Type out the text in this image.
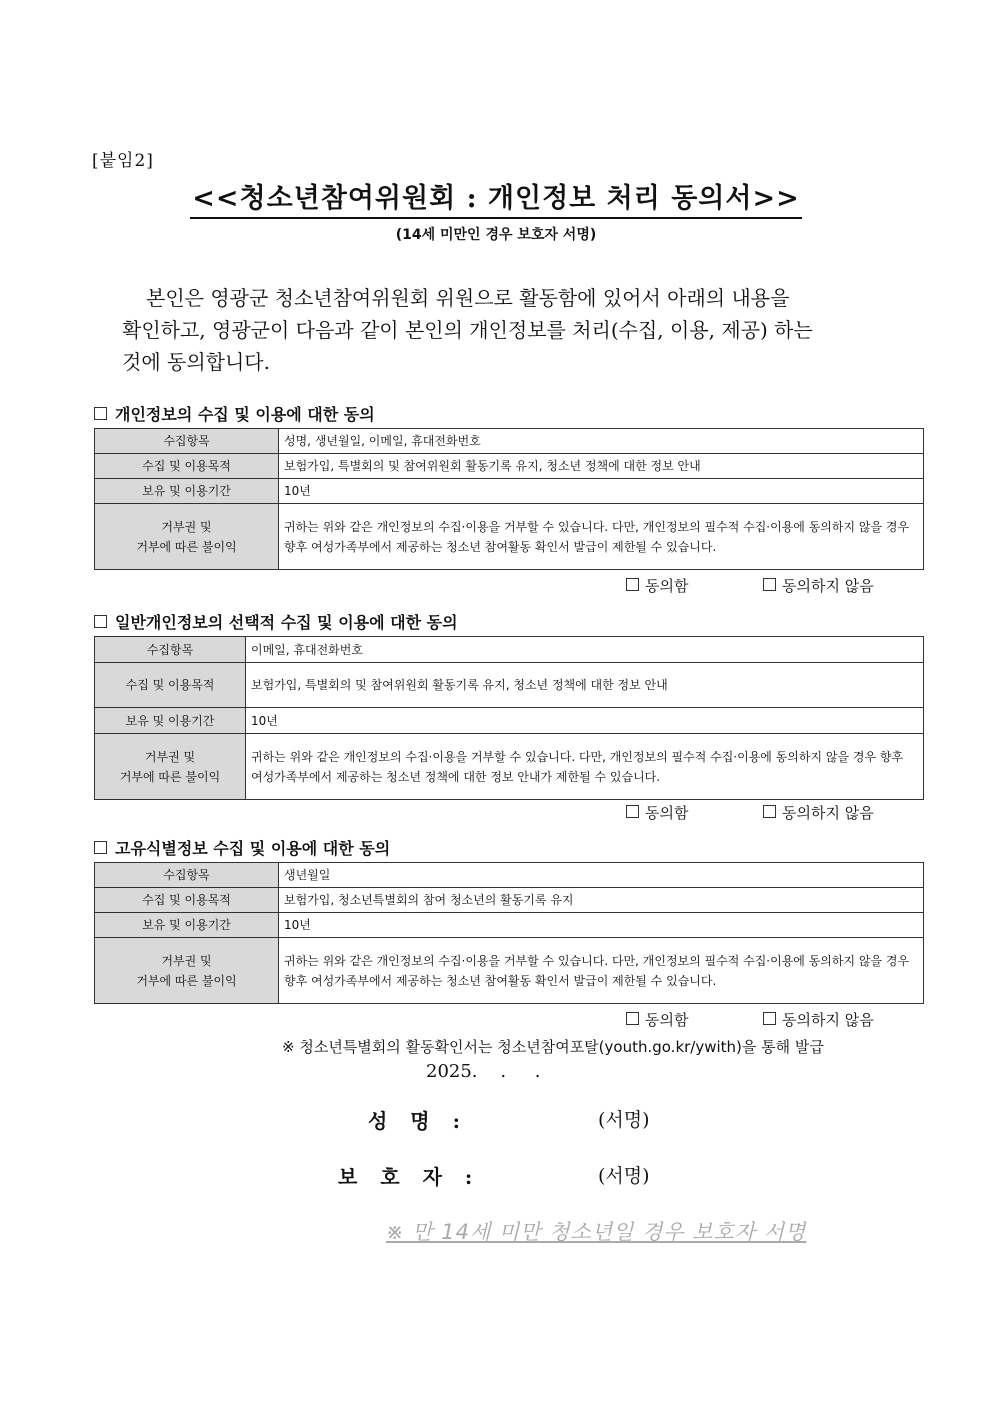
[붙임2]
<<청소년참여위원회 : 개인정보 처리 동의서>>
(14세 미만인 경우 보호자 서명)
본인은 영광군 청소년참여위원회 위원으로 활동함에 있어서 아래의 내용을
확인하고, 영광군이 다음과 같이 본인의 개인정보를 처리(수집, 이용, 제공) 하는
것에 동의합니다.
개인정보의 수집 및 이용에 대한 동의
수집항목	성명, 생년월일, 이메일, 휴대전화번호
수집 및 이용목적	보험가입, 특별회의 및 참여위원회 활동기록 유지, 청소년 정책에 대한 정보 안내
보유 및 이용기간	10년

거부권 및
거부에 따른 불이익	귀하는 위와 같은 개인정보의 수집·이용을 거부할 수 있습니다. 다만, 개인정보의 필수적 수집·이용에 동의하지 않을 경우 향후 여성가족부에서 제공하는 청소년 참여활동 확인서 발급이 제한될 수 있습니다.
동의함	동의하지 않음
일반개인정보의 선택적 수집 및 이용에 대한 동의
수집항목	이메일, 휴대전화번호
수집 및 이용목적	보험가입, 특별회의 및 참여위원회 활동기록 유지, 청소년 정책에 대한 정보 안내
보유 및 이용기간	10년

거부권 및
거부에 따른 불이익	귀하는 위와 같은 개인정보의 수집·이용을 거부할 수 있습니다. 다만, 개인정보의 필수적 수집·이용에 동의하지 않을 경우 향후 여성가족부에서 제공하는 청소년 정책에 대한 정보 안내가 제한될 수 있습니다.
동의함	동의하지 않음
고유식별정보 수집 및 이용에 대한 동의
수집항목	생년월일
수집 및 이용목적	보험가입, 청소년특별회의 참여 청소년의 활동기록 유지
보유 및 이용기간	10년

거부권 및
거부에 따른 불이익	귀하는 위와 같은 개인정보의 수집·이용을 거부할 수 있습니다. 다만, 개인정보의 필수적 수집·이용에 동의하지 않을 경우 향후 여성가족부에서 제공하는 청소년 참여활동 확인서 발급이 제한될 수 있습니다.
동의함	동의하지 않음
※ 청소년특별회의 활동확인서는 청소년참여포탈(youth.go.kr/ywith)을 통해 발급
2025.    .     .
성 명 :	(서명)
보 호 자 :	(서명)
※ 만 14세 미만 청소년일 경우 보호자 서명
